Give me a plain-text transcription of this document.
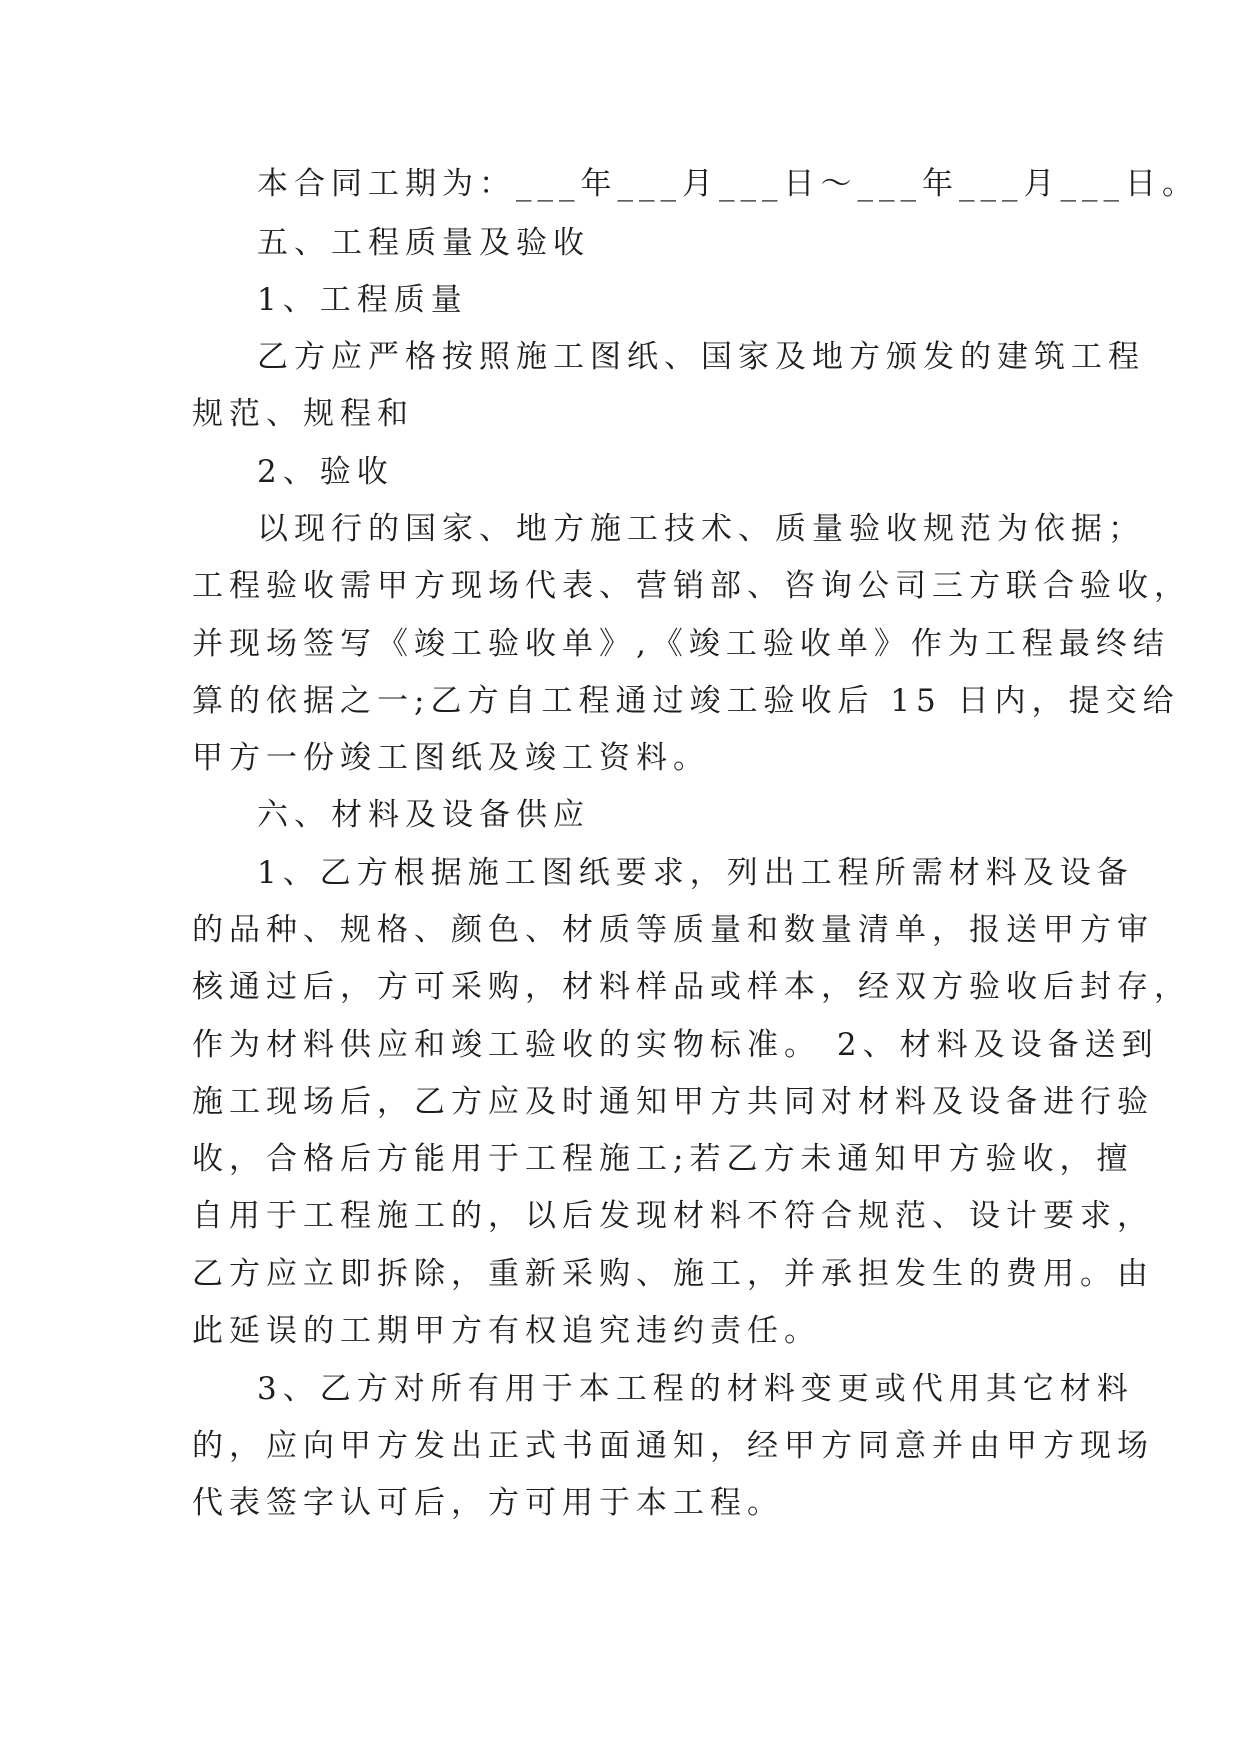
本合同工期为：___年___月___日～___年___月___日。

五、工程质量及验收

1、工程质量

乙方应严格按照施工图纸、国家及地方颁发的建筑工程

规范、规程和

2、验收

以现行的国家、地方施工技术、质量验收规范为依据；

工程验收需甲方现场代表、营销部、咨询公司三方联合验收，

并现场签写《竣工验收单》,《竣工验收单》作为工程最终结

算的依据之一;乙方自工程通过竣工验收后 15 日内，提交给

甲方一份竣工图纸及竣工资料。

六、材料及设备供应

1、乙方根据施工图纸要求，列出工程所需材料及设备

的品种、规格、颜色、材质等质量和数量清单，报送甲方审

核通过后，方可采购，材料样品或样本，经双方验收后封存，

作为材料供应和竣工验收的实物标准。 2、材料及设备送到

施工现场后，乙方应及时通知甲方共同对材料及设备进行验

收，合格后方能用于工程施工;若乙方未通知甲方验收，擅

自用于工程施工的，以后发现材料不符合规范、设计要求，

乙方应立即拆除，重新采购、施工，并承担发生的费用。由

此延误的工期甲方有权追究违约责任。

3、乙方对所有用于本工程的材料变更或代用其它材料

的，应向甲方发出正式书面通知，经甲方同意并由甲方现场

代表签字认可后，方可用于本工程。
